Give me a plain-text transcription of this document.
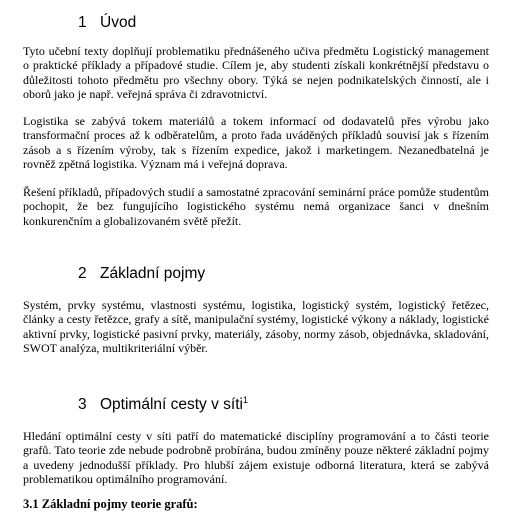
1 Úvod

Tyto učební texty doplňují problematiku přednášeného učiva předmětu Logistický management o praktické příklady a případové studie. Cílem je, aby studenti získali konkrétnější představu o důležitosti tohoto předmětu pro všechny obory. Týká se nejen podnikatelských činností, ale i oborů jako je např. veřejná správa či zdravotnictví.

Logistika se zabývá tokem materiálů a tokem informací od dodavatelů přes výrobu jako transformační proces až k odběratelům, a proto řada uváděných příkladů souvisí jak s řízením zásob a s řízením výroby, tak s řízením expedice, jakož i marketingem. Nezanedbatelná je rovněž zpětná logistika. Význam má i veřejná doprava.

Řešení příkladů, případových studií a samostatné zpracování seminární práce pomůže studentům pochopit, že bez fungujícího logistického systému nemá organizace šanci v dnešním konkurenčním a globalizovaném světě přežít.

2 Základní pojmy

Systém, prvky systému, vlastnosti systému, logistika, logistický systém, logistický řetězec, články a cesty řetězce, grafy a sítě, manipulační systémy, logistické výkony a náklady, logistické aktivní prvky, logistické pasivní prvky, materiály, zásoby, normy zásob, objednávka, skladování, SWOT analýza, multikriteriální výběr.

3 Optimální cesty v síti$^1$

Hledání optimální cesty v síti patří do matematické disciplíny programování a to části teorie grafů. Tato teorie zde nebude podrobně probírána, budou zmíněny pouze některé základní pojmy a uvedeny jednodušší příklady. Pro hlubší zájem existuje odborná literatura, která se zabývá problematikou optimálního programování.

3.1 Základní pojmy teorie grafů:
